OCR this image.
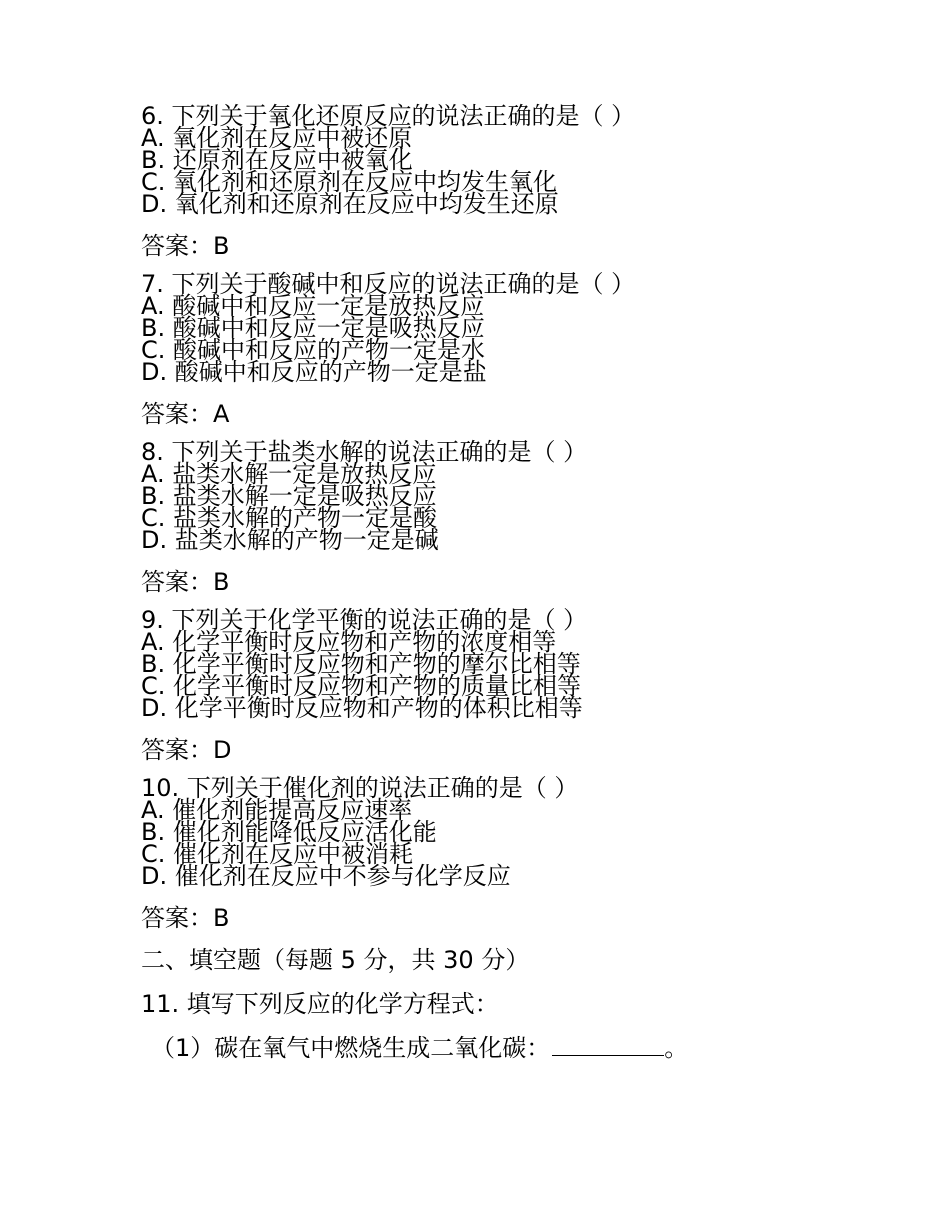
6. 下列关于氧化还原反应的说法正确的是（ ）
A. 氧化剂在反应中被还原
B. 还原剂在反应中被氧化
C. 氧化剂和还原剂在反应中均发生氧化
D. 氧化剂和还原剂在反应中均发生还原
答案：B
7. 下列关于酸碱中和反应的说法正确的是（ ）
A. 酸碱中和反应一定是放热反应
B. 酸碱中和反应一定是吸热反应
C. 酸碱中和反应的产物一定是水
D. 酸碱中和反应的产物一定是盐
答案：A
8. 下列关于盐类水解的说法正确的是（ ）
A. 盐类水解一定是放热反应
B. 盐类水解一定是吸热反应
C. 盐类水解的产物一定是酸
D. 盐类水解的产物一定是碱
答案：B
9. 下列关于化学平衡的说法正确的是（ ）
A. 化学平衡时反应物和产物的浓度相等
B. 化学平衡时反应物和产物的摩尔比相等
C. 化学平衡时反应物和产物的质量比相等
D. 化学平衡时反应物和产物的体积比相等
答案：D
10. 下列关于催化剂的说法正确的是（ ）
A. 催化剂能提高反应速率
B. 催化剂能降低反应活化能
C. 催化剂在反应中被消耗
D. 催化剂在反应中不参与化学反应
答案：B
二、填空题（每题 5 分，共 30 分）
11. 填写下列反应的化学方程式：
（1）碳在氧气中燃烧生成二氧化碳：	。
